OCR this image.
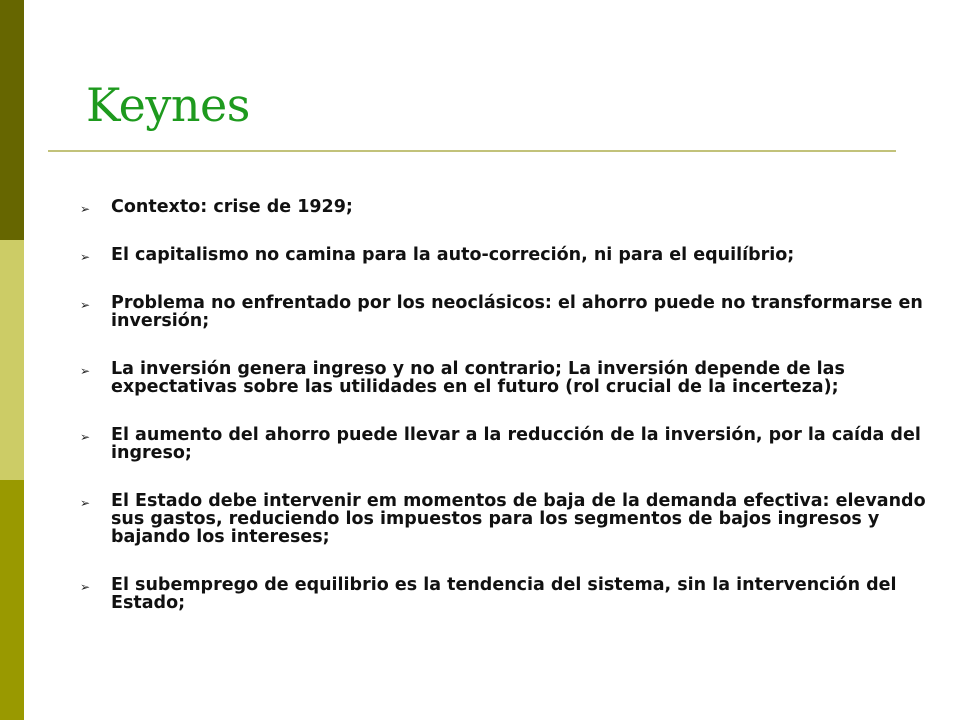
Keynes
➢ Contexto: crise de 1929;
➢ El capitalismo no camina para la auto-correción, ni para el equilíbrio;
➢ Problema no enfrentado por los neoclásicos: el ahorro puede no transformarse en inversión;
➢ La inversión genera ingreso y no al contrario; La inversión depende de las expectativas sobre las utilidades en el futuro (rol crucial de la incerteza);
➢ El aumento del ahorro puede llevar a la reducción de la inversión, por la caída del ingreso;
➢ El Estado debe intervenir em momentos de baja de la demanda efectiva: elevando sus gastos, reduciendo los impuestos para los segmentos de bajos ingresos y bajando los intereses;
➢ El subemprego de equilibrio es la tendencia del sistema, sin la intervención del Estado;
